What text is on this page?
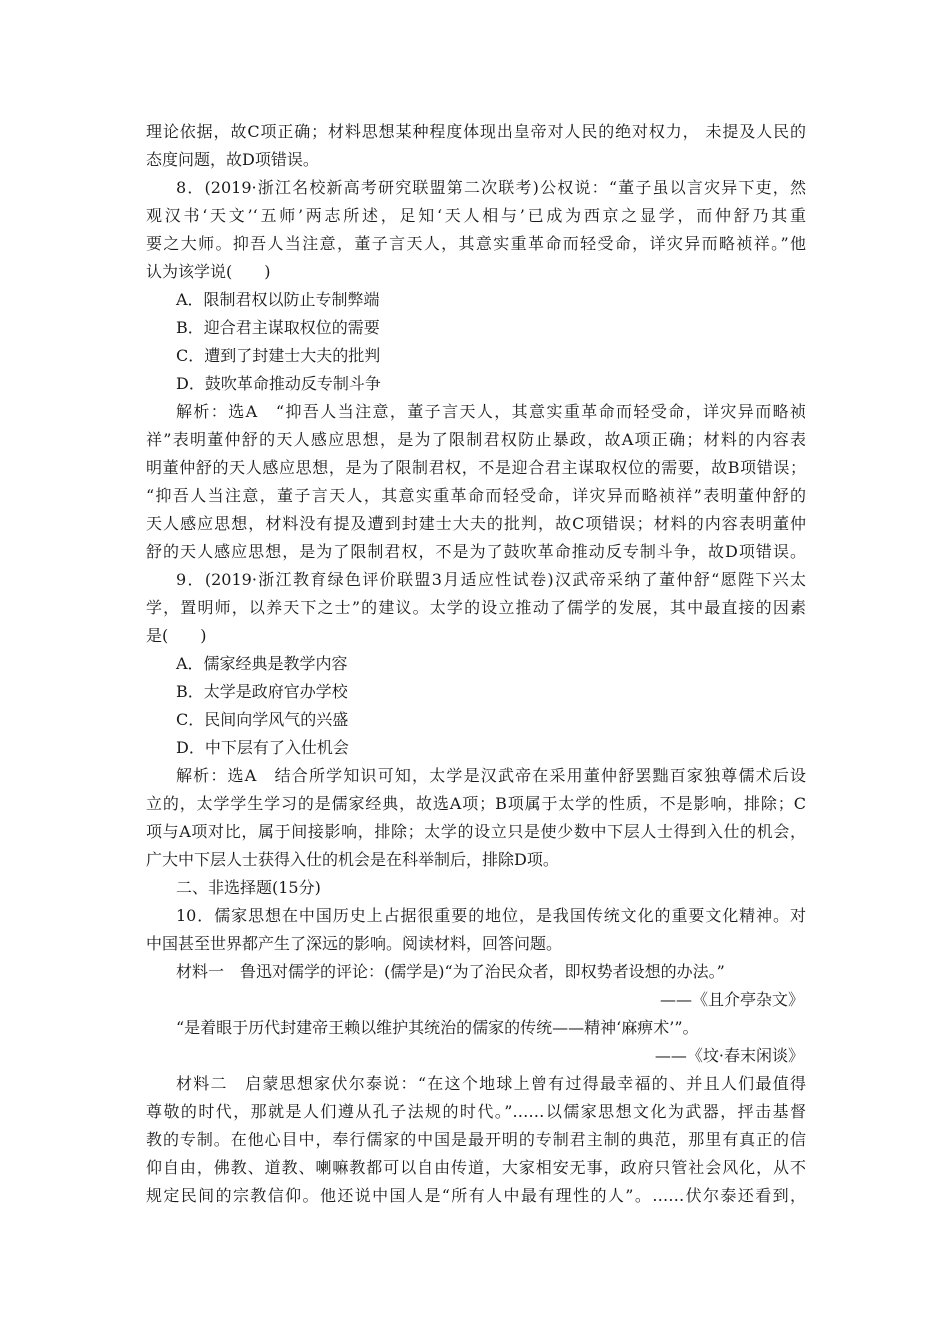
理论依据，故C项正确；材料思想某种程度体现出皇帝对人民的绝对权力， 未提及人民的
态度问题，故D项错误。
8．(2019·浙江名校新高考研究联盟第二次联考)公权说：“董子虽以言灾异下吏，然
观汉书‘天文’‘五师’两志所述，足知‘天人相与’已成为西京之显学，而仲舒乃其重
要之大师。抑吾人当注意，董子言天人，其意实重革命而轻受命，详灾异而略祯祥。”他
认为该学说(　　)
A．限制君权以防止专制弊端
B．迎合君主谋取权位的需要
C．遭到了封建士大夫的批判
D．鼓吹革命推动反专制斗争
解析：选A　“抑吾人当注意，董子言天人，其意实重革命而轻受命，详灾异而略祯
祥”表明董仲舒的天人感应思想，是为了限制君权防止暴政，故A项正确；材料的内容表
明董仲舒的天人感应思想，是为了限制君权，不是迎合君主谋取权位的需要，故B项错误；
“抑吾人当注意，董子言天人，其意实重革命而轻受命，详灾异而略祯祥”表明董仲舒的
天人感应思想，材料没有提及遭到封建士大夫的批判，故C项错误；材料的内容表明董仲
舒的天人感应思想，是为了限制君权，不是为了鼓吹革命推动反专制斗争，故D项错误。
9．(2019·浙江教育绿色评价联盟3月适应性试卷)汉武帝采纳了董仲舒“愿陛下兴太
学，置明师，以养天下之士”的建议。太学的设立推动了儒学的发展，其中最直接的因素
是(　　)
A．儒家经典是教学内容
B．太学是政府官办学校
C．民间向学风气的兴盛
D．中下层有了入仕机会
解析：选A　结合所学知识可知，太学是汉武帝在采用董仲舒罢黜百家独尊儒术后设
立的，太学学生学习的是儒家经典，故选A项；B项属于太学的性质，不是影响，排除；C
项与A项对比，属于间接影响，排除；太学的设立只是使少数中下层人士得到入仕的机会，
广大中下层人士获得入仕的机会是在科举制后，排除D项。
二、非选择题(15分)
10．儒家思想在中国历史上占据很重要的地位，是我国传统文化的重要文化精神。对
中国甚至世界都产生了深远的影响。阅读材料，回答问题。
材料一　鲁迅对儒学的评论：(儒学是)“为了治民众者，即权势者设想的办法。”
——《且介亭杂文》
“是着眼于历代封建帝王赖以维护其统治的儒家的传统——精神‘麻痹术’”。
——《坟·春末闲谈》
材料二　启蒙思想家伏尔泰说：“在这个地球上曾有过得最幸福的、并且人们最值得
尊敬的时代，那就是人们遵从孔子法规的时代。”……以儒家思想文化为武器，抨击基督
教的专制。在他心目中，奉行儒家的中国是最开明的专制君主制的典范，那里有真正的信
仰自由，佛教、道教、喇嘛教都可以自由传道，大家相安无事，政府只管社会风化，从不
规定民间的宗教信仰。他还说中国人是“所有人中最有理性的人”。……伏尔泰还看到，
